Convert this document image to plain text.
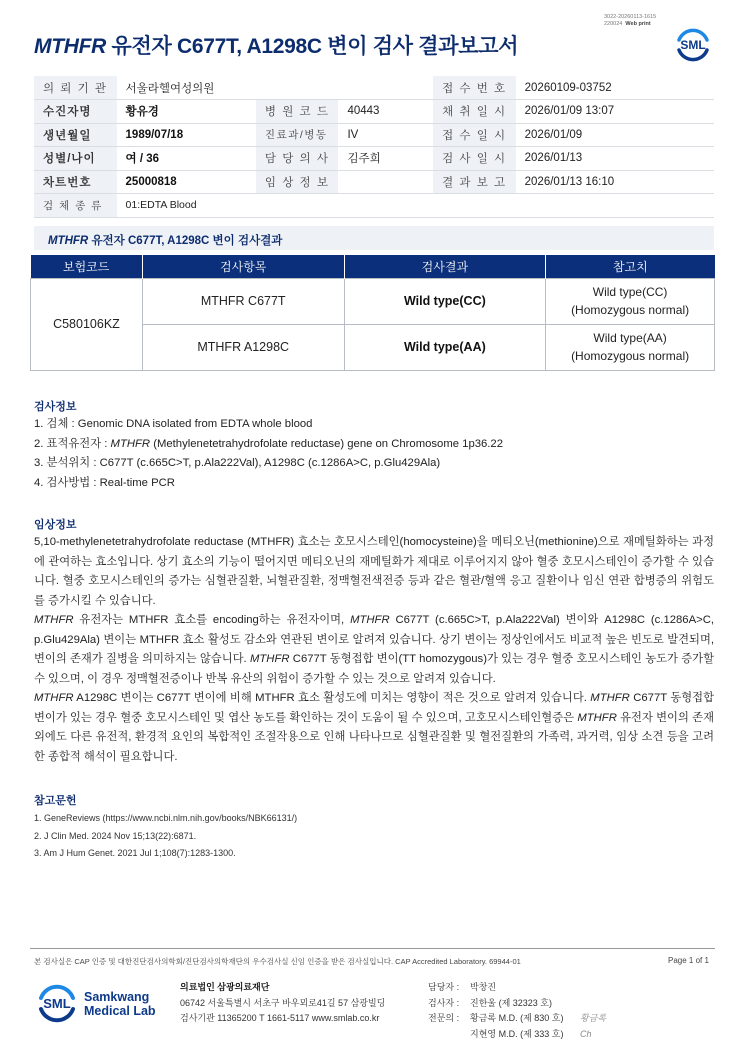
MTHFR 유전자 C677T, A1298C 변이 검사 결과보고서
3022-20260113-1615
220024 Web print
SML
의 뢰 기 관	서울라헬여성의원			접 수 번 호	20260109-03752
수진자명	황유경	병 원 코 드	40443	채 취 일 시	2026/01/09 13:07
생년월일	1989/07/18	진료과/병동	IV	접 수 일 시	2026/01/09
성별/나이	여 / 36	담 당 의 사	김주희	검 사 일 시	2026/01/13
차트번호	25000818	임 상 정 보		결 과 보 고	2026/01/13 16:10
검 체 종 류	01:EDTA Blood				
MTHFR 유전자 C677T, A1298C 변이 검사결과
보험코드	검사항목	검사결과	참고치
C580106KZ	MTHFR C677T	Wild type(CC)	Wild type(CC)
(Homozygous normal)

	MTHFR A1298C	Wild type(AA)	Wild type(AA)
(Homozygous normal)
검사정보
1. 검체 : Genomic DNA isolated from EDTA whole blood
2. 표적유전자 : MTHFR (Methylenetetrahydrofolate reductase) gene on Chromosome 1p36.22
3. 분석위치 : C677T (c.665C>T, p.Ala222Val), A1298C (c.1286A>C, p.Glu429Ala)
4. 검사방법 : Real-time PCR
임상정보
5,10-methylenetetrahydrofolate reductase (MTHFR) 효소는 호모시스테인(homocysteine)을 메티오닌(methionine)으로 재메틸화하는 과정에 관여하는 효소입니다. 상기 효소의 기능이 떨어지면 메티오닌의 재메틸화가 제대로 이루어지지 않아 혈중 호모시스테인이 증가할 수 있습니다. 혈중 호모시스테인의 증가는 심혈관질환, 뇌혈관질환, 정맥혈전색전증 등과 같은 혈관/혈액 응고 질환이나 임신 연관 합병증의 위험도를 증가시킬 수 있습니다.
MTHFR 유전자는 MTHFR 효소를 encoding하는 유전자이며, MTHFR C677T (c.665C>T, p.Ala222Val) 변이와 A1298C (c.1286A>C, p.Glu429Ala) 변이는 MTHFR 효소 활성도 감소와 연관된 변이로 알려져 있습니다. 상기 변이는 정상인에서도 비교적 높은 빈도로 발견되며, 변이의 존재가 질병을 의미하지는 않습니다. MTHFR C677T 동형접합 변이(TT homozygous)가 있는 경우 혈중 호모시스테인 농도가 증가할 수 있으며, 이 경우 정맥혈전증이나 반복 유산의 위험이 증가할 수 있는 것으로 알려져 있습니다.
MTHFR A1298C 변이는 C677T 변이에 비해 MTHFR 효소 활성도에 미치는 영향이 적은 것으로 알려져 있습니다. MTHFR C677T 동형접합 변이가 있는 경우 혈중 호모시스테인 및 엽산 농도를 확인하는 것이 도움이 될 수 있으며, 고호모시스테인혈증은 MTHFR 유전자 변이의 존재 외에도 다른 유전적, 환경적 요인의 복합적인 조절작용으로 인해 나타나므로 심혈관질환 및 혈전질환의 가족력, 과거력, 임상 소견 등을 고려한 종합적 해석이 필요합니다.
참고문헌
1. GeneReviews (https://www.ncbi.nlm.nih.gov/books/NBK66131/)
2. J Clin Med. 2024 Nov 15;13(22):6871.
3. Am J Hum Genet. 2021 Jul 1;108(7):1283-1300.
본 검사실은 CAP 인증 및 대한진단검사의학회/진단검사의학재단의 우수검사실 신임 인증을 받은 검사실입니다. CAP Accredited Laboratory. 69944-01	Page 1 of 1
SML Samkwang
Medical Lab
의료법인 삼광의료재단
06742 서울특별시 서초구 바우뫼로41길 57 삼광빌딩
검사기관 11365200 T 1661-5117 www.smlab.co.kr
담당자 :	박창진
검사자 :	진한울 (제 32323 호)
전문의 :	황금록 M.D. (제 830 호)
지현영 M.D. (제 333 호)
황금록
Ch
